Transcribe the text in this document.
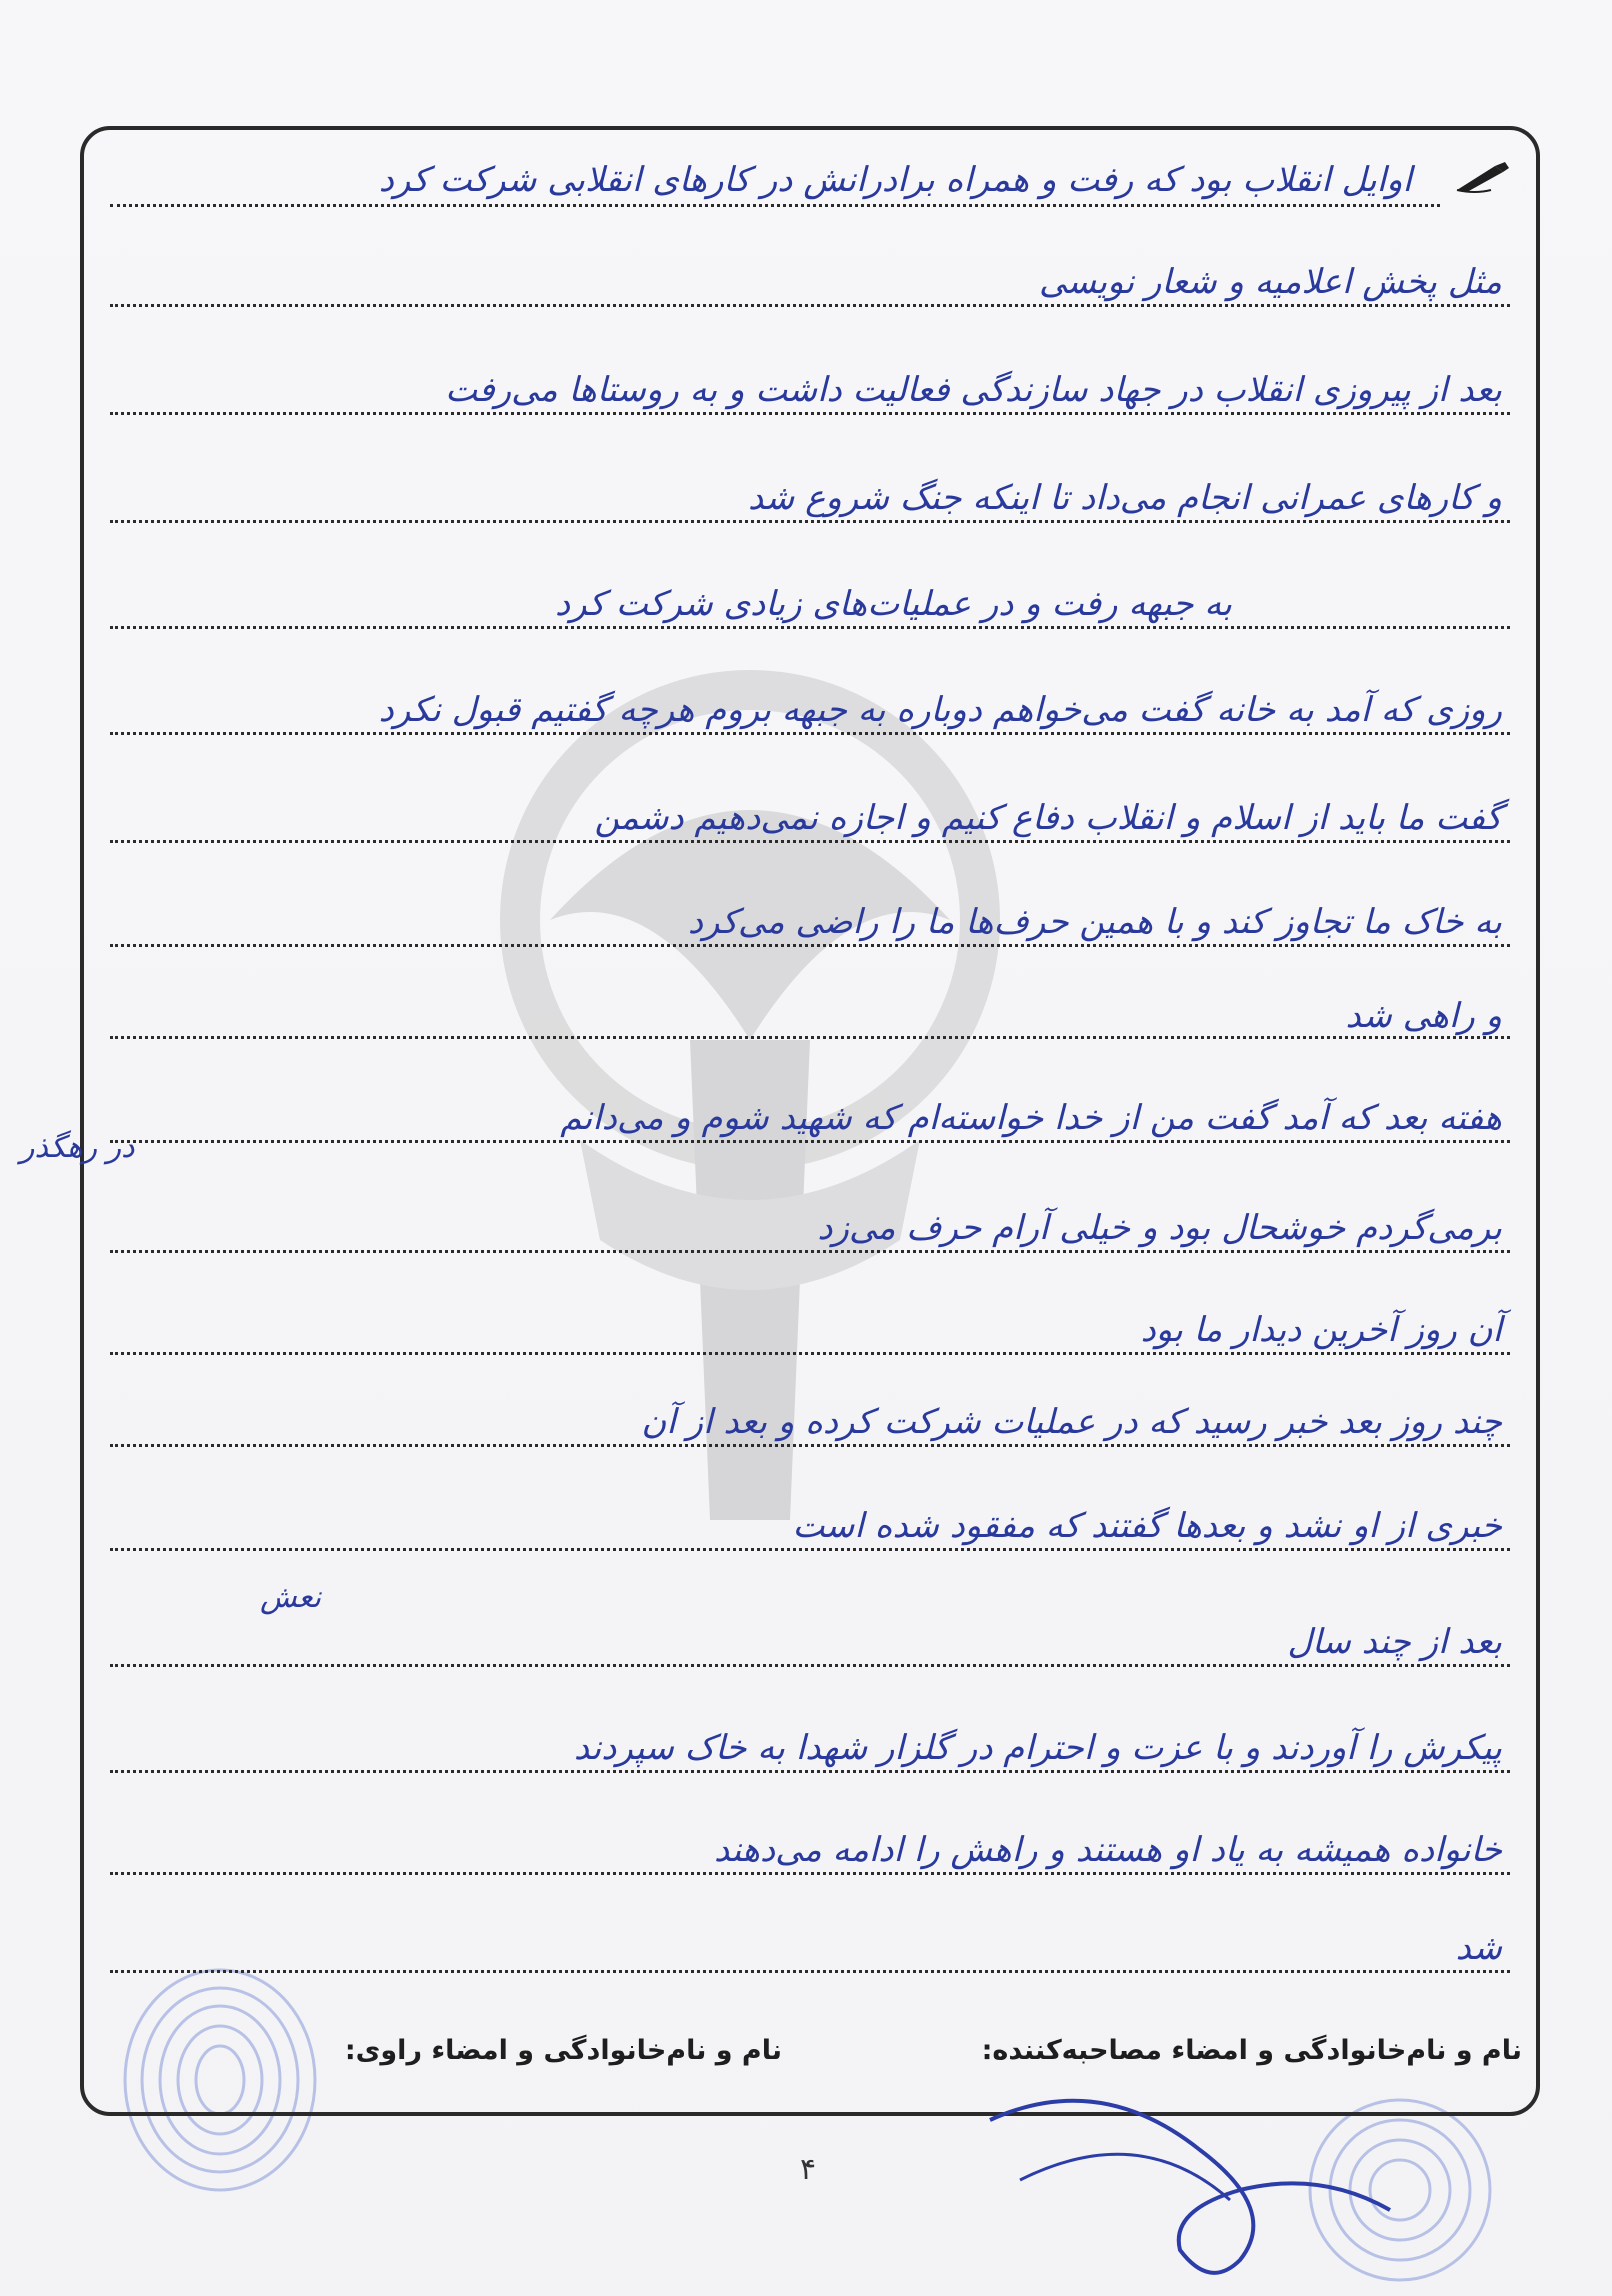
اوایل انقلاب بود که رفت و همراه برادرانش در کارهای انقلابی شرکت کرد
مثل پخش اعلامیه و شعار نویسی
بعد از پیروزی انقلاب در جهاد سازندگی فعالیت داشت و به روستاها می‌رفت
و کارهای عمرانی انجام می‌داد تا اینکه جنگ شروع شد
به جبهه رفت و در عملیات‌های زیادی شرکت کرد
روزی که آمد به خانه گفت می‌خواهم دوباره به جبهه بروم هرچه گفتیم قبول نکرد
گفت ما باید از اسلام و انقلاب دفاع کنیم و اجازه نمی‌دهیم دشمن
به خاک ما تجاوز کند و با همین حرف‌ها ما را راضی می‌کرد
و راهی شد
هفته بعد که آمد گفت من از خدا خواسته‌ام که شهید شوم و می‌دانم
برمی‌گردم خوشحال بود و خیلی آرام حرف می‌زد
آن روز آخرین دیدار ما بود
چند روز بعد خبر رسید که در عملیات شرکت کرده و بعد از آن
خبری از او نشد و بعدها گفتند که مفقود شده است
بعد از چند سال
پیکرش را آوردند و با عزت و احترام در گلزار شهدا به خاک سپردند
خانواده همیشه به یاد او هستند و راهش را ادامه می‌دهند
شد
در رهگذر
نعش
نام و نام‌خانوادگی و امضاء مصاحبه‌کننده:
نام و نام‌خانوادگی و امضاء راوی:
۴
